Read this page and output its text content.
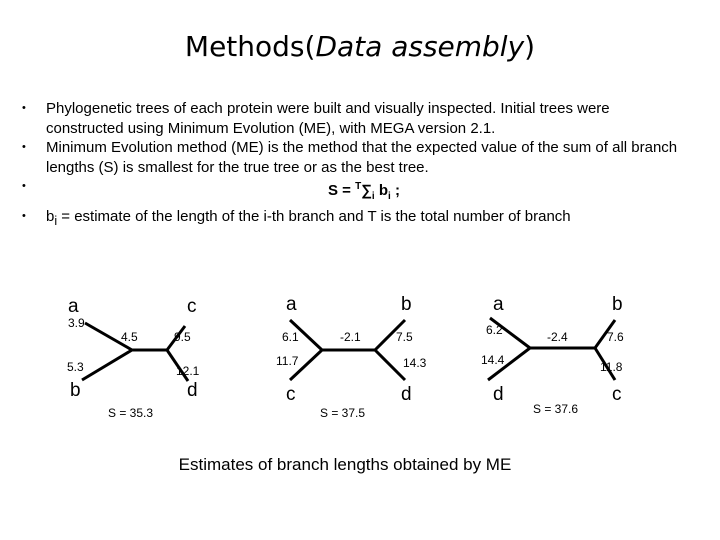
Methods(Data assembly)
•	Phylogenetic trees of each protein were built and visually inspected. Initial trees were constructed using Minimum Evolution (ME), with MEGA version 2.1.
•	Minimum Evolution method (ME) is the method that the expected value of the sum of all branch lengths (S) is smallest for the true tree or as the best tree.
•	$S = ^T\sum_i$ $b_i$ ;
•	$b_i$ = estimate of the length of the i-th branch and T is the total number of branch
a	c
b	d
3.9
5.3
4.5	9.5
12.1
S = 35.3
a	b
c	d
6.1
11.7
-2.1	7.5
14.3
S = 37.5
a	b
d	c
6.2
14.4
-2.4	7.6
11.8
S = 37.6
Estimates of branch lengths obtained by ME
